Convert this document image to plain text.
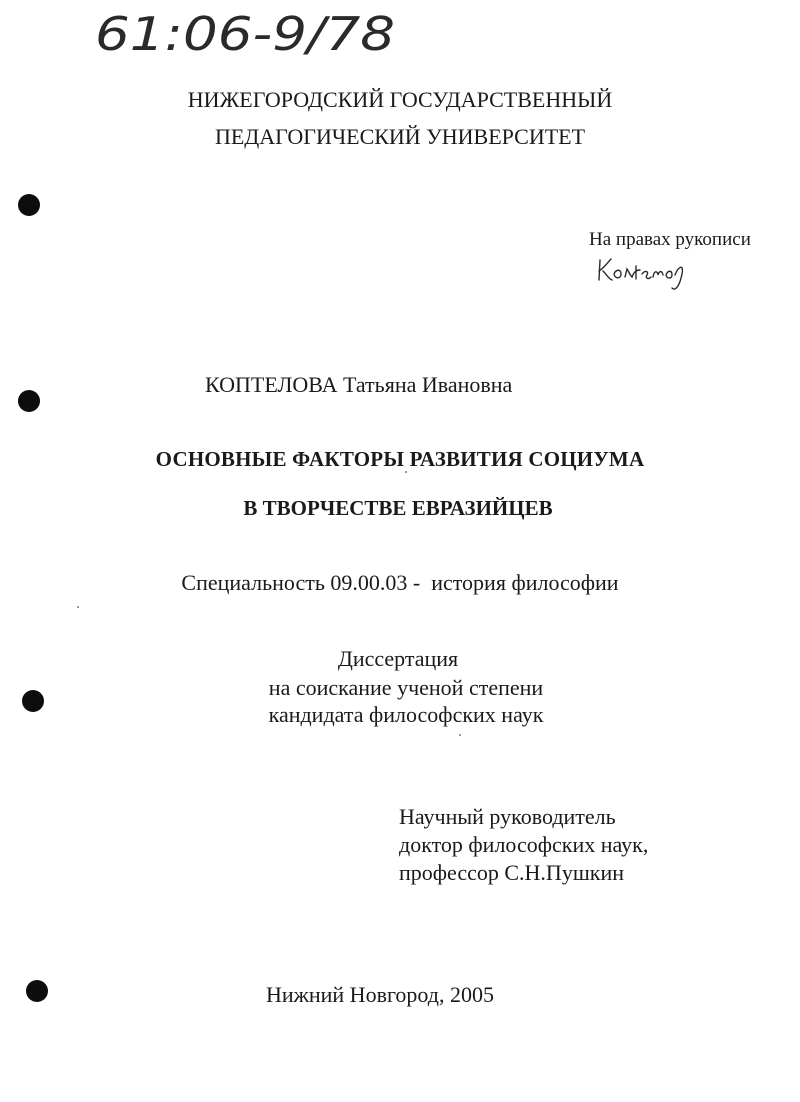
61:06-9/78
НИЖЕГОРОДСКИЙ ГОСУДАРСТВЕННЫЙ
ПЕДАГОГИЧЕСКИЙ УНИВЕРСИТЕТ
На правах рукописи
КОПТЕЛОВА Татьяна Ивановна
ОСНОВНЫЕ ФАКТОРЫ РАЗВИТИЯ СОЦИУМА
В ТВОРЧЕСТВЕ ЕВРАЗИЙЦЕВ
Специальность 09.00.03 -  история философии
Диссертация
на соискание ученой степени
кандидата философских наук
Научный руководитель
доктор философских наук,
профессор С.Н.Пушкин
Нижний Новгород, 2005
